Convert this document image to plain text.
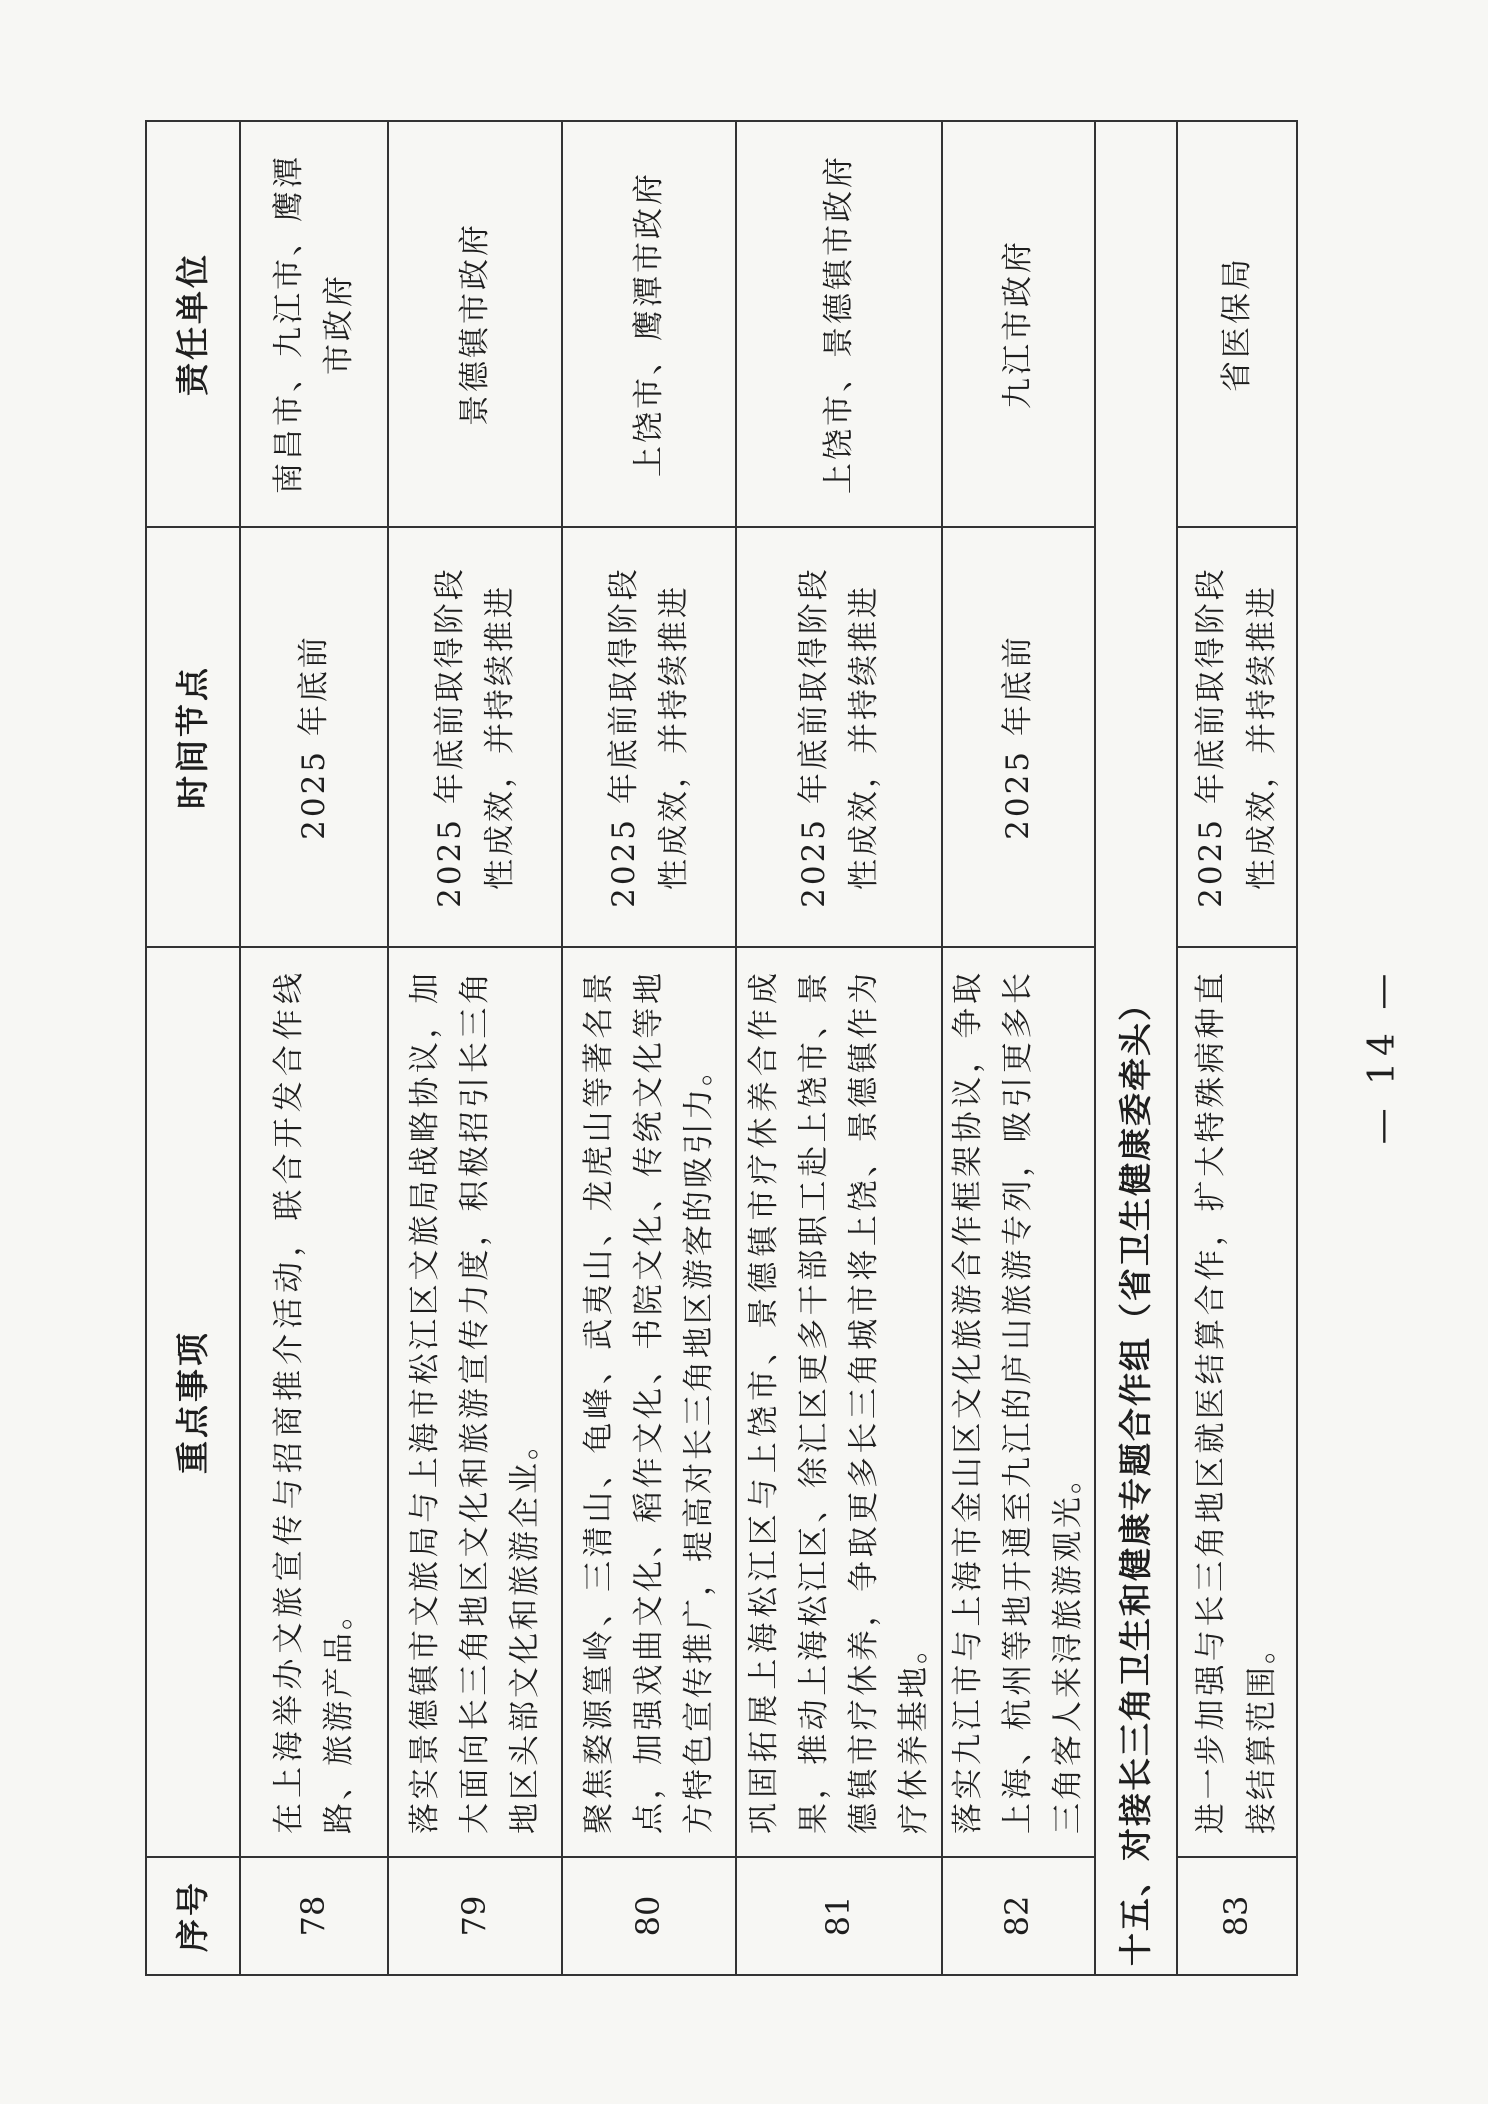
序号	重点事项	时间节点	责任单位
78	在上海举办文旅宣传与招商推介活动，联合开发合作线路、旅游产品。	2025 年底前	南昌市、九江市、鹰潭市政府
79	落实景德镇市文旅局与上海市松江区文旅局战略协议，加大面向长三角地区文化和旅游宣传力度，积极招引长三角地区头部文化和旅游企业。	2025 年底前取得阶段性成效，并持续推进	景德镇市政府
80	聚焦婺源篁岭、三清山、龟峰、武夷山、龙虎山等著名景点，加强戏曲文化、稻作文化、书院文化、传统文化等地方特色宣传推广，提高对长三角地区游客的吸引力。	2025 年底前取得阶段性成效，并持续推进	上饶市、鹰潭市政府
81	巩固拓展上海松江区与上饶市、景德镇市疗休养合作成果，推动上海松江区、徐汇区更多干部职工赴上饶市、景德镇市疗休养，争取更多长三角城市将上饶、景德镇作为疗休养基地。	2025 年底前取得阶段性成效，并持续推进	上饶市、景德镇市政府
82	落实九江市与上海市金山区文化旅游合作框架协议，争取上海、杭州等地开通至九江的庐山旅游专列，吸引更多长三角客人来浔旅游观光。	2025 年底前	九江市政府
十五、对接长三角卫生和健康专题合作组（省卫生健康委牵头）			
83	进一步加强与长三角地区就医结算合作，扩大特殊病种直接结算范围。	2025 年底前取得阶段性成效，并持续推进	省医保局
— 14 —
